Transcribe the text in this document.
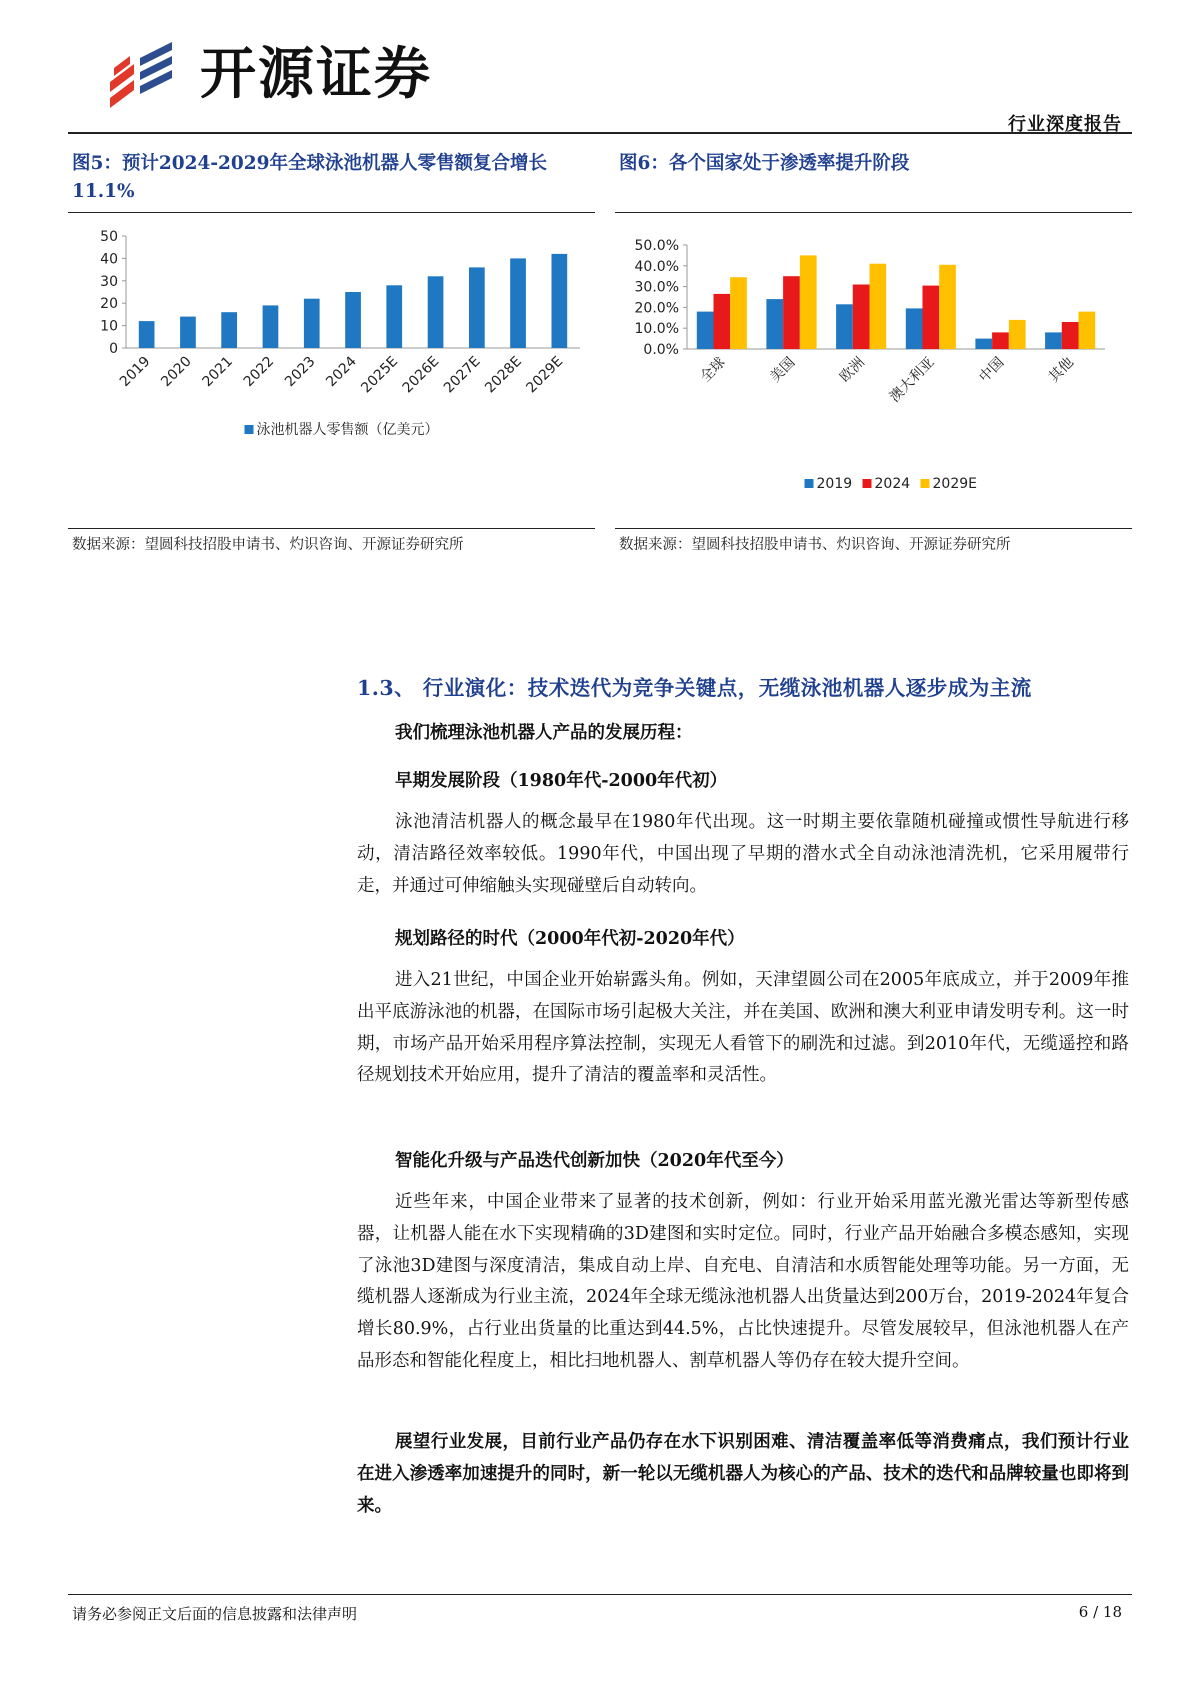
开源证券
行业深度报告
图5：预计2024-2029年全球泳池机器人零售额复合增长11.1%
图6：各个国家处于渗透率提升阶段
0
10
20
30
40
50
2019 2020 2021 2022 2023 2024
2025E
2026E
2027E
2028E
2029E
泳池机器人零售额（亿美元）
0.0%
10.0%
20.0%
30.0%
40.0%
50.0%
全球	美国	欧洲 澳大利亚	中国	其他
2019 2024 2029E
数据来源：望圆科技招股申请书、灼识咨询、开源证券研究所	数据来源：望圆科技招股申请书、灼识咨询、开源证券研究所
1.3、 行业演化：技术迭代为竞争关键点，无缆泳池机器人逐步成为主流
我们梳理泳池机器人产品的发展历程：
早期发展阶段（1980年代-2000年代初）
泳池清洁机器人的概念最早在1980年代出现。这一时期主要依靠随机碰撞或惯性导航进行移动，清洁路径效率较低。1990年代，中国出现了早期的潜水式全自动泳池清洗机，它采用履带行走，并通过可伸缩触头实现碰壁后自动转向。
规划路径的时代（2000年代初-2020年代）
进入21世纪，中国企业开始崭露头角。例如，天津望圆公司在2005年底成立，并于2009年推出平底游泳池的机器，在国际市场引起极大关注，并在美国、欧洲和澳大利亚申请发明专利。这一时期，市场产品开始采用程序算法控制，实现无人看管下的刷洗和过滤。到2010年代，无缆遥控和路径规划技术开始应用，提升了清洁的覆盖率和灵活性。
智能化升级与产品迭代创新加快（2020年代至今）
近些年来，中国企业带来了显著的技术创新，例如：行业开始采用蓝光激光雷达等新型传感器，让机器人能在水下实现精确的3D建图和实时定位。同时，行业产品开始融合多模态感知，实现了泳池3D建图与深度清洁，集成自动上岸、自充电、自清洁和水质智能处理等功能。另一方面，无缆机器人逐渐成为行业主流，2024年全球无缆泳池机器人出货量达到200万台，2019-2024年复合增长80.9%，占行业出货量的比重达到44.5%，占比快速提升。尽管发展较早，但泳池机器人在产品形态和智能化程度上，相比扫地机器人、割草机器人等仍存在较大提升空间。
展望行业发展，目前行业产品仍存在水下识别困难、清洁覆盖率低等消费痛点，我们预计行业在进入渗透率加速提升的同时，新一轮以无缆机器人为核心的产品、技术的迭代和品牌较量也即将到来。
请务必参阅正文后面的信息披露和法律声明	6 / 18
